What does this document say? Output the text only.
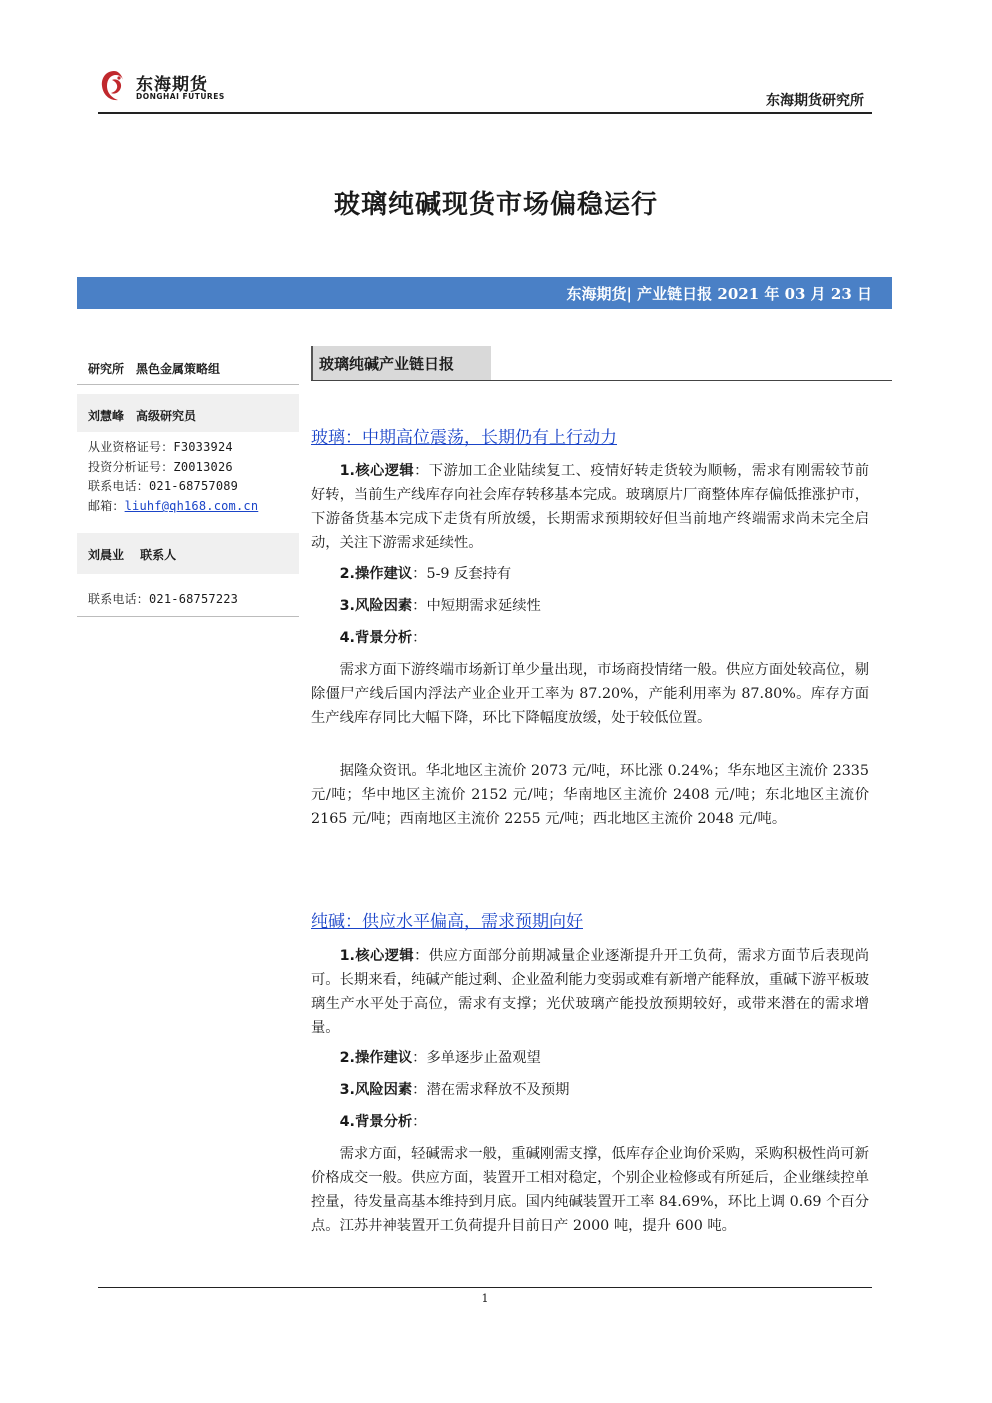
东海期货
DONGHAI FUTURES	东海期货研究所
玻璃纯碱现货市场偏稳运行
东海期货| 产业链日报 2021 年 03 月 23 日
研究所　黑色金属策略组
刘慧峰　高级研究员
从业资格证号：F3033924
投资分析证号：Z0013026
联系电话：021-68757089
邮箱：liuhf@qh168.com.cn
刘晨业　 联系人
联系电话：021-68757223
玻璃纯碱产业链日报
玻璃：中期高位震荡，长期仍有上行动力
1.核心逻辑：下游加工企业陆续复工、疫情好转走货较为顺畅，需求有刚需较节前好转，当前生产线库存向社会库存转移基本完成。玻璃原片厂商整体库存偏低推涨护市，下游备货基本完成下走货有所放缓，长期需求预期较好但当前地产终端需求尚未完全启动，关注下游需求延续性。
2.操作建议：5-9 反套持有
3.风险因素：中短期需求延续性
4.背景分析：
需求方面下游终端市场新订单少量出现，市场商投情绪一般。供应方面处较高位，剔除僵尸产线后国内浮法产业企业开工率为 87.20%，产能利用率为 87.80%。库存方面生产线库存同比大幅下降，环比下降幅度放缓，处于较低位置。
据隆众资讯。华北地区主流价 2073 元/吨，环比涨 0.24%；华东地区主流价 2335 元/吨；华中地区主流价 2152 元/吨；华南地区主流价 2408 元/吨；东北地区主流价 2165 元/吨；西南地区主流价 2255 元/吨；西北地区主流价 2048 元/吨。
纯碱：供应水平偏高，需求预期向好
1.核心逻辑：供应方面部分前期减量企业逐渐提升开工负荷，需求方面节后表现尚可。长期来看，纯碱产能过剩、企业盈利能力变弱或难有新增产能释放，重碱下游平板玻璃生产水平处于高位，需求有支撑；光伏玻璃产能投放预期较好，或带来潜在的需求增量。
2.操作建议：多单逐步止盈观望
3.风险因素：潜在需求释放不及预期
4.背景分析：
需求方面，轻碱需求一般，重碱刚需支撑，低库存企业询价采购，采购积极性尚可新价格成交一般。供应方面，装置开工相对稳定，个别企业检修或有所延后，企业继续控单控量，待发量高基本维持到月底。国内纯碱装置开工率 84.69%，环比上调 0.69 个百分点。江苏井神装置开工负荷提升目前日产 2000 吨，提升 600 吨。
1
